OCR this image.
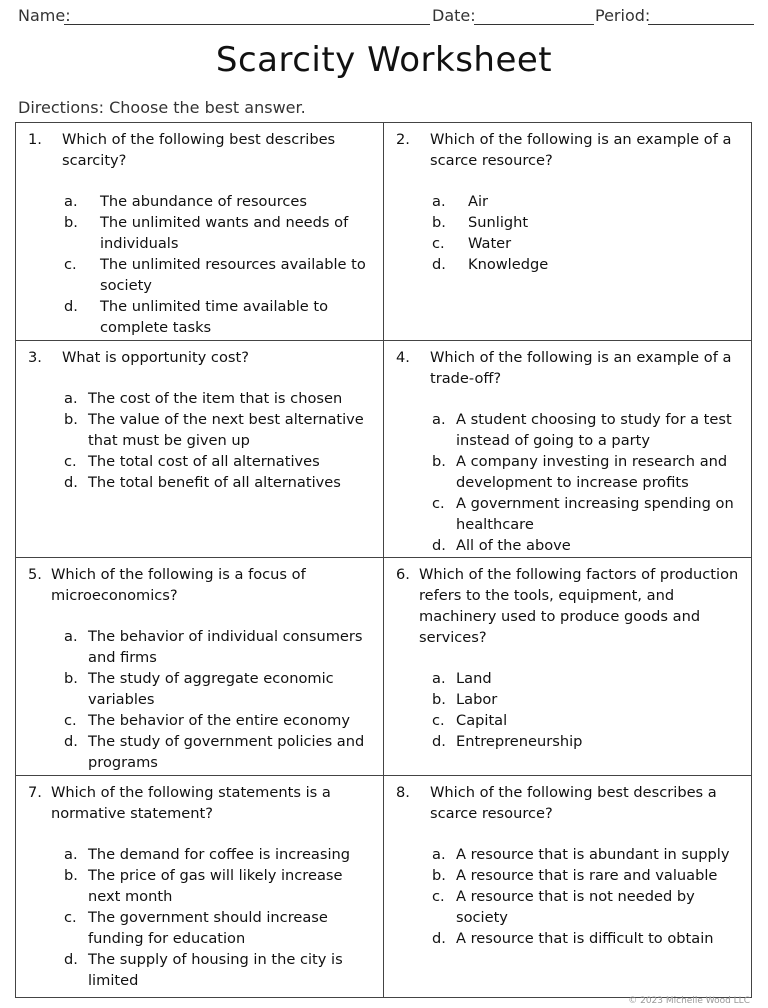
Name:	Date:	Period:
Scarcity Worksheet
Directions: Choose the best answer.
1.	Which of the following best describes scarcity?
a.	The abundance of resources
b.	The unlimited wants and needs of individuals
c.	The unlimited resources available to society
d.	The unlimited time available to complete tasks
2.	Which of the following is an example of a scarce resource?
a.	Air
b.	Sunlight
c.	Water
d.	Knowledge
3.	What is opportunity cost?
a. The cost of the item that is chosen
b. The value of the next best alternative that must be given up
c. The total cost of all alternatives
d. The total benefit of all alternatives
4.	Which of the following is an example of a trade-off?
a. A student choosing to study for a test instead of going to a party
b. A company investing in research and development to increase profits
c. A government increasing spending on healthcare
d. All of the above
5. Which of the following is a focus of microeconomics?
a. The behavior of individual consumers and firms
b. The study of aggregate economic variables
c. The behavior of the entire economy
d. The study of government policies and programs
6. Which of the following factors of production refers to the tools, equipment, and machinery used to produce goods and services?
a. Land
b. Labor
c. Capital
d. Entrepreneurship
7. Which of the following statements is a normative statement?
a. The demand for coffee is increasing
b. The price of gas will likely increase next month
c. The government should increase funding for education
d. The supply of housing in the city is limited
8.	Which of the following best describes a scarce resource?
a. A resource that is abundant in supply
b. A resource that is rare and valuable
c. A resource that is not needed by society
d. A resource that is difficult to obtain
© 2023 Michelle Wood LLC
